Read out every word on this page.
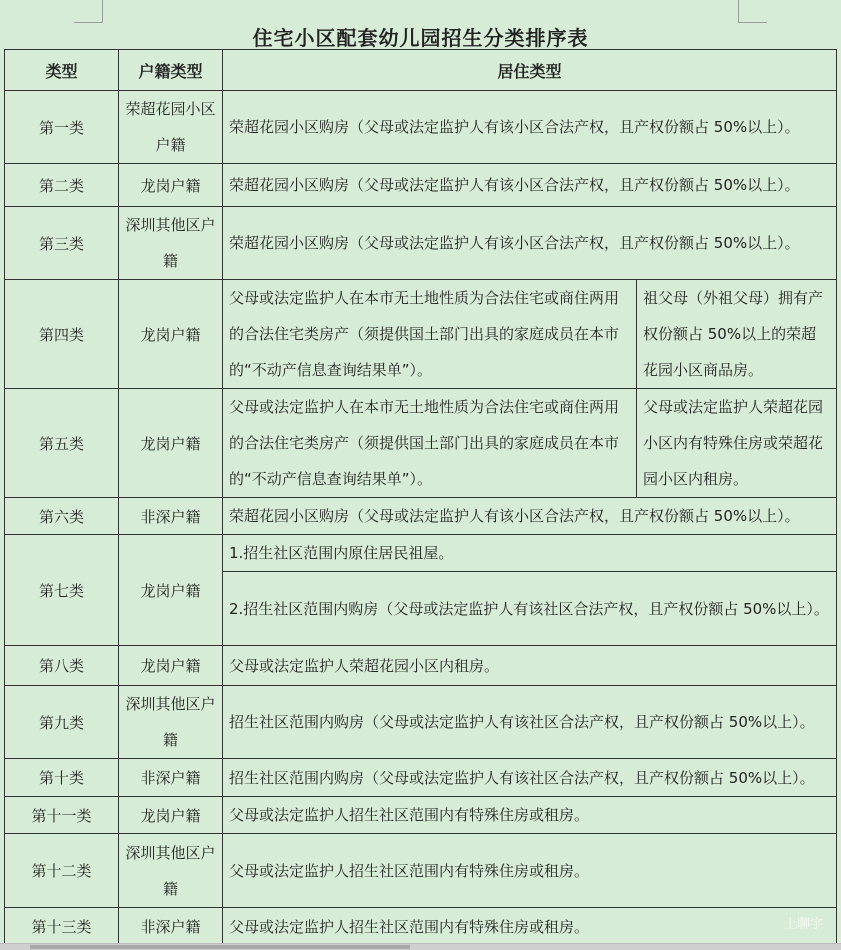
住宅小区配套幼儿园招生分类排序表
类型	户籍类型	居住类型	
第一类	荣超花园小区户籍	荣超花园小区购房（父母或法定监护人有该小区合法产权，且产权份额占 50%以上）。	
第二类	龙岗户籍	荣超花园小区购房（父母或法定监护人有该小区合法产权，且产权份额占 50%以上）。	
第三类	深圳其他区户籍	荣超花园小区购房（父母或法定监护人有该小区合法产权，且产权份额占 50%以上）。	
第四类	龙岗户籍	父母或法定监护人在本市无土地性质为合法住宅或商住两用的合法住宅类房产（须提供国土部门出具的家庭成员在本市的“不动产信息查询结果单”）。	祖父母（外祖父母）拥有产权份额占 50%以上的荣超花园小区商品房。
第五类	龙岗户籍	父母或法定监护人在本市无土地性质为合法住宅或商住两用的合法住宅类房产（须提供国土部门出具的家庭成员在本市的“不动产信息查询结果单”）。	父母或法定监护人荣超花园小区内有特殊住房或荣超花园小区内租房。
第六类	非深户籍	荣超花园小区购房（父母或法定监护人有该小区合法产权，且产权份额占 50%以上）。	
第七类	龙岗户籍	1.招生社区范围内原住居民祖屋。	
		2.招生社区范围内购房（父母或法定监护人有该社区合法产权，且产权份额占 50%以上）。	
第八类	龙岗户籍	父母或法定监护人荣超花园小区内租房。	
第九类	深圳其他区户籍	招生社区范围内购房（父母或法定监护人有该社区合法产权，且产权份额占 50%以上）。	
第十类	非深户籍	招生社区范围内购房（父母或法定监护人有该社区合法产权，且产权份额占 50%以上）。	
第十一类	龙岗户籍	父母或法定监护人招生社区范围内有特殊住房或租房。	
第十二类	深圳其他区户籍	父母或法定监护人招生社区范围内有特殊住房或租房。	
第十三类	非深户籍	父母或法定监护人招生社区范围内有特殊住房或租房。		上聊字
